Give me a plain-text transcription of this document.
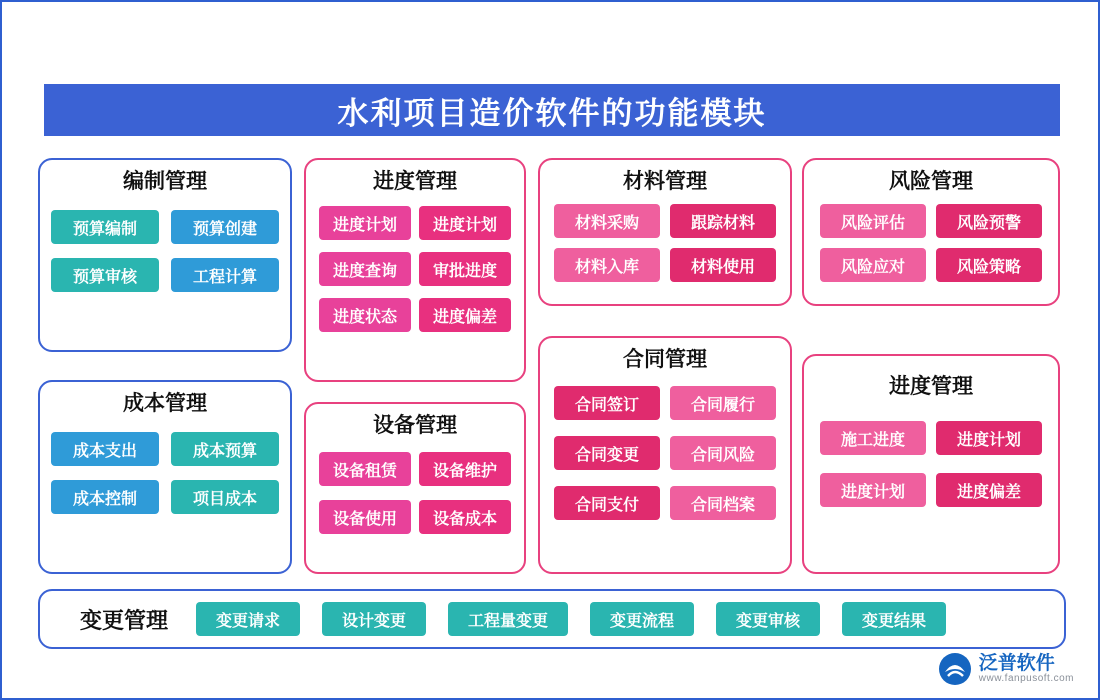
水利项目造价软件的功能模块
编制管理
预算编制	预算创建
预算审核	工程计算
进度管理
进度计划	进度计划
进度查询	审批进度
进度状态	进度偏差
材料管理
材料采购	跟踪材料
材料入库	材料使用
风险管理
风险评估	风险预警
风险应对	风险策略
成本管理
成本支出	成本预算
成本控制	项目成本
设备管理
设备租赁	设备维护
设备使用	设备成本
合同管理
合同签订	合同履行
合同变更	合同风险
合同支付	合同档案
进度管理
施工进度	进度计划
进度计划	进度偏差
变更管理	变更请求	设计变更	工程量变更	变更流程	变更审核	变更结果
泛普软件
www.fanpusoft.com
